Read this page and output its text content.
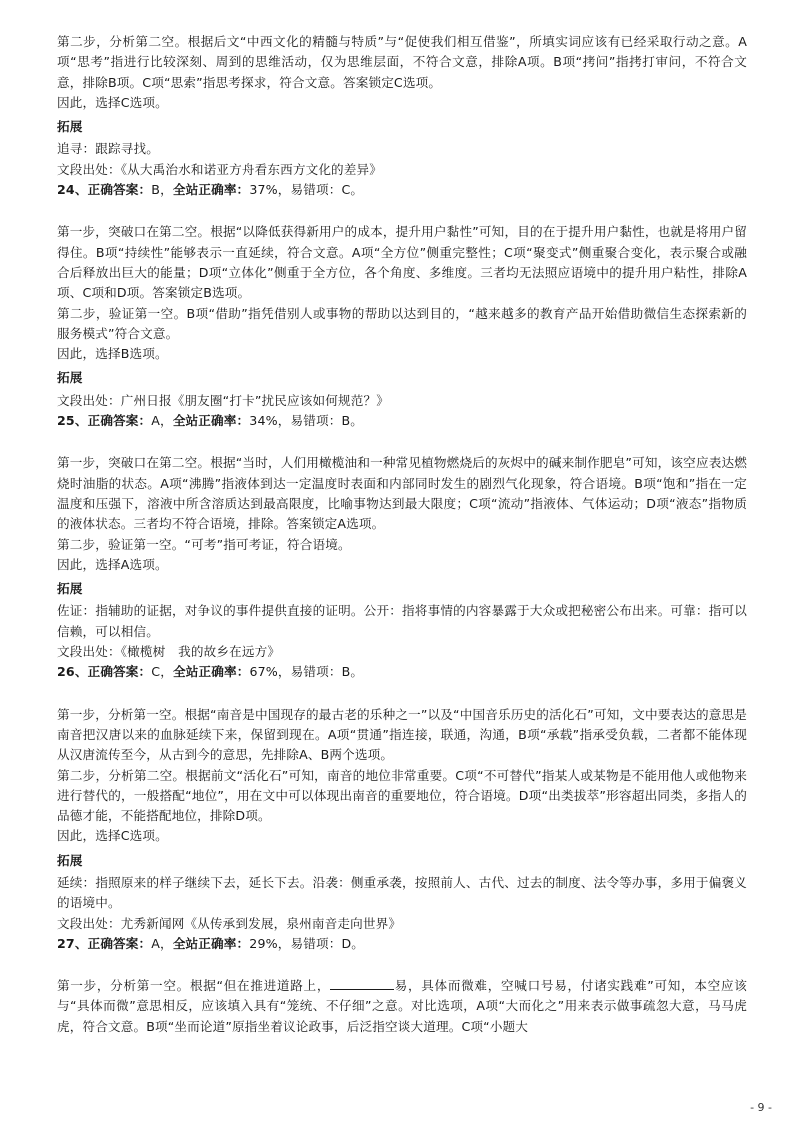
第二步，分析第二空。根据后文“中西文化的精髓与特质”与“促使我们相互借鉴”，所填实词应该有已经采取行动之意。A项“思考”指进行比较深刻、周到的思维活动，仅为思维层面，不符合文意，排除A项。B项“拷问”指拷打审问，不符合文意，排除B项。C项“思索”指思考探求，符合文意。答案锁定C选项。

因此，选择C选项。

拓展

追寻：跟踪寻找。

文段出处：《从大禹治水和诺亚方舟看东西方文化的差异》

24、正确答案：B，全站正确率：37%，易错项：C。

第一步，突破口在第二空。根据“以降低获得新用户的成本，提升用户黏性”可知，目的在于提升用户黏性，也就是将用户留得住。B项“持续性”能够表示一直延续，符合文意。A项“全方位”侧重完整性；C项“聚变式”侧重聚合变化，表示聚合或融合后释放出巨大的能量；D项“立体化”侧重于全方位，各个角度、多维度。三者均无法照应语境中的提升用户粘性，排除A项、C项和D项。答案锁定B选项。

第二步，验证第一空。B项“借助”指凭借别人或事物的帮助以达到目的，“越来越多的教育产品开始借助微信生态探索新的服务模式”符合文意。

因此，选择B选项。

拓展

文段出处：广州日报《朋友圈“打卡”扰民应该如何规范？》

25、正确答案：A，全站正确率：34%，易错项：B。

第一步，突破口在第二空。根据“当时，人们用橄榄油和一种常见植物燃烧后的灰烬中的碱来制作肥皂”可知，该空应表达燃烧时油脂的状态。A项“沸腾”指液体到达一定温度时表面和内部同时发生的剧烈气化现象，符合语境。B项“饱和”指在一定温度和压强下，溶液中所含溶质达到最高限度，比喻事物达到最大限度；C项“流动”指液体、气体运动；D项“液态”指物质的液体状态。三者均不符合语境，排除。答案锁定A选项。

第二步，验证第一空。“可考”指可考证，符合语境。

因此，选择A选项。

拓展

佐证：指辅助的证据，对争议的事件提供直接的证明。公开：指将事情的内容暴露于大众或把秘密公布出来。可靠：指可以信赖，可以相信。

文段出处：《橄榄树　我的故乡在远方》

26、正确答案：C，全站正确率：67%，易错项：B。

第一步，分析第一空。根据“南音是中国现存的最古老的乐种之一”以及“中国音乐历史的活化石”可知，文中要表达的意思是南音把汉唐以来的血脉延续下来，保留到现在。A项“贯通”指连接，联通，沟通，B项“承载”指承受负载，二者都不能体现从汉唐流传至今，从古到今的意思，先排除A、B两个选项。

第二步，分析第二空。根据前文“活化石”可知，南音的地位非常重要。C项“不可替代”指某人或某物是不能用他人或他物来进行替代的，一般搭配“地位”，用在文中可以体现出南音的重要地位，符合语境。D项“出类拔萃”形容超出同类，多指人的品德才能，不能搭配地位，排除D项。

因此，选择C选项。

拓展

延续：指照原来的样子继续下去，延长下去。沿袭：侧重承袭，按照前人、古代、过去的制度、法令等办事，多用于偏褒义的语境中。

文段出处：尤秀新闻网《从传承到发展，泉州南音走向世界》

27、正确答案：A，全站正确率：29%，易错项：D。

第一步，分析第一空。根据“但在推进道路上，	易，具体而微难，空喊口号易，付诸实践难”可知，本空应该与“具体而微”意思相反，应该填入具有“笼统、不仔细”之意。对比选项，A项“大而化之”用来表示做事疏忽大意，马马虎虎，符合文意。B项“坐而论道”原指坐着议论政事，后泛指空谈大道理。C项“小题大

- 9 -
